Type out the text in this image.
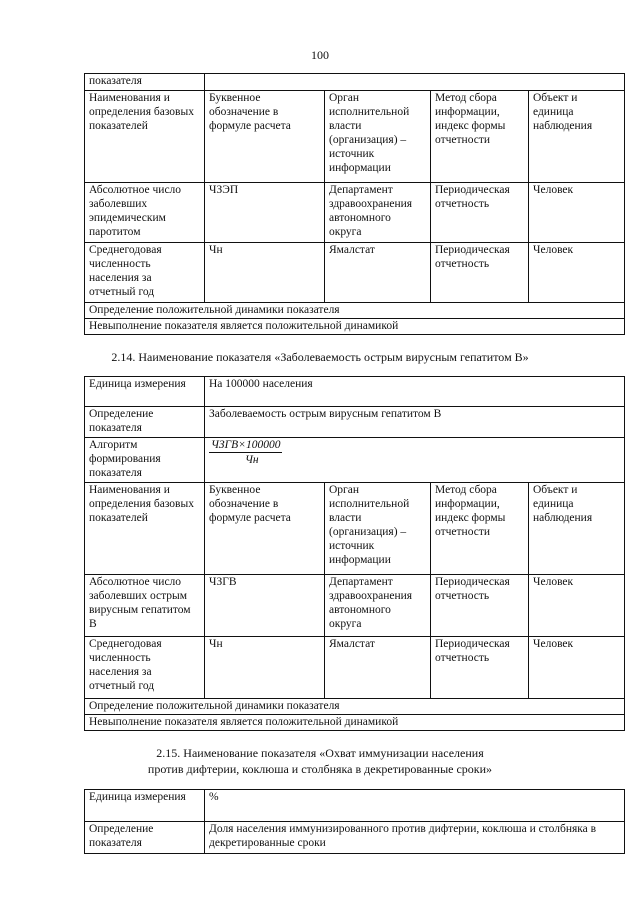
100
показателя				
Наименования и определения базовых показателей	Буквенное обозначение в формуле расчета	Орган исполнительной власти (организация) – источник информации	Метод сбора информации, индекс формы отчетности	Объект и единица наблюдения
Абсолютное число заболевших эпидемическим паротитом	ЧЗЭП	Департамент здравоохранения автономного округа	Периодическая отчетность	Человек
Среднегодовая численность населения за отчетный год	Чн	Ямалстат	Периодическая отчетность	Человек
Определение положительной динамики показателя				
Невыполнение показателя является положительной динамикой				
2.14. Наименование показателя «Заболеваемость острым вирусным гепатитом В»
Единица измерения	На 100000 населения			
Определение показателя	Заболеваемость острым вирусным гепатитом В			
Алгоритм формирования показателя	ЧЗГВ×100000
Чн			

Наименования и определения базовых показателей	Буквенное обозначение в формуле расчета	Орган исполнительной власти (организация) – источник информации	Метод сбора информации, индекс формы отчетности	Объект и единица наблюдения
Абсолютное число заболевших острым вирусным гепатитом В	ЧЗГВ	Департамент здравоохранения автономного округа	Периодическая отчетность	Человек
Среднегодовая численность населения за отчетный год	Чн	Ямалстат	Периодическая отчетность	Человек
Определение положительной динамики показателя				
Невыполнение показателя является положительной динамикой				
2.15. Наименование показателя «Охват иммунизации населения
против дифтерии, коклюша и столбняка в декретированные сроки»
Единица измерения	%
Определение показателя	Доля населения иммунизированного против дифтерии, коклюша и столбняка в декретированные сроки
